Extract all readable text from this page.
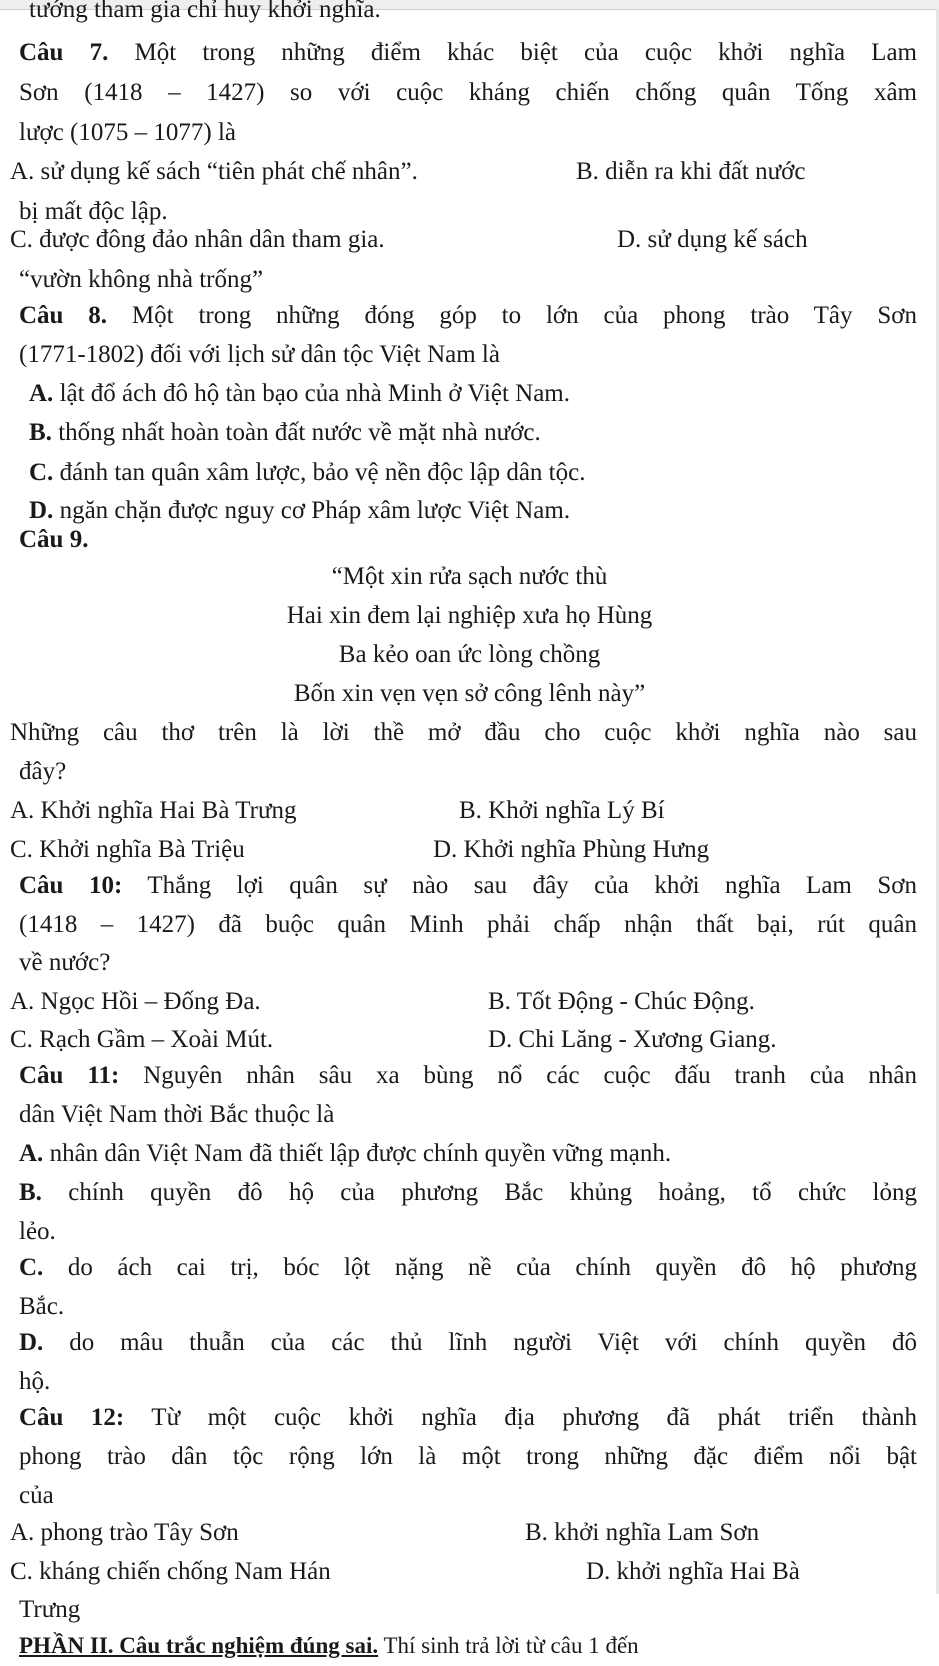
tướng tham gia chỉ huy khởi nghĩa.
Câu 7. Một trong những điểm khác biệt của cuộc khởi nghĩa Lam
Sơn (1418 – 1427) so với cuộc kháng chiến chống quân Tống xâm
lược (1075 – 1077) là
A. sử dụng kế sách “tiên phát chế nhân”.	B. diễn ra khi đất nước
bị mất độc lập.
C. được đông đảo nhân dân tham gia.	D. sử dụng kế sách
“vườn không nhà trống”
Câu 8. Một trong những đóng góp to lớn của phong trào Tây Sơn
(1771-1802) đối với lịch sử dân tộc Việt Nam là
A. lật đổ ách đô hộ tàn bạo của nhà Minh ở Việt Nam.
B. thống nhất hoàn toàn đất nước về mặt nhà nước.
C. đánh tan quân xâm lược, bảo vệ nền độc lập dân tộc.
D. ngăn chặn được nguy cơ Pháp xâm lược Việt Nam.
Câu 9.
“Một xin rửa sạch nước thù
Hai xin đem lại nghiệp xưa họ Hùng
Ba kẻo oan ức lòng chồng
Bốn xin vẹn vẹn sở công lênh này”
Những câu thơ trên là lời thề mở đầu cho cuộc khởi nghĩa nào sau
đây?
A. Khởi nghĩa Hai Bà Trưng	B. Khởi nghĩa Lý Bí
C. Khởi nghĩa Bà Triệu	D. Khởi nghĩa Phùng Hưng
Câu 10: Thắng lợi quân sự nào sau đây của khởi nghĩa Lam Sơn
(1418 – 1427) đã buộc quân Minh phải chấp nhận thất bại, rút quân
về nước?
A. Ngọc Hồi – Đống Đa.	B. Tốt Động - Chúc Động.
C. Rạch Gầm – Xoài Mút.	D. Chi Lăng - Xương Giang.
Câu 11: Nguyên nhân sâu xa bùng nổ các cuộc đấu tranh của nhân
dân Việt Nam thời Bắc thuộc là
A. nhân dân Việt Nam đã thiết lập được chính quyền vững mạnh.
B. chính quyền đô hộ của phương Bắc khủng hoảng, tổ chức lỏng
lẻo.
C. do ách cai trị, bóc lột nặng nề của chính quyền đô hộ phương
Bắc.
D. do mâu thuẫn của các thủ lĩnh người Việt với chính quyền đô
hộ.
Câu 12: Từ một cuộc khởi nghĩa địa phương đã phát triển thành
phong trào dân tộc rộng lớn là một trong những đặc điểm nổi bật
của
A. phong trào Tây Sơn	B. khởi nghĩa Lam Sơn
C. kháng chiến chống Nam Hán	D. khởi nghĩa Hai Bà
Trưng
PHẦN II. Câu trắc nghiệm đúng sai. Thí sinh trả lời từ câu 1 đến
